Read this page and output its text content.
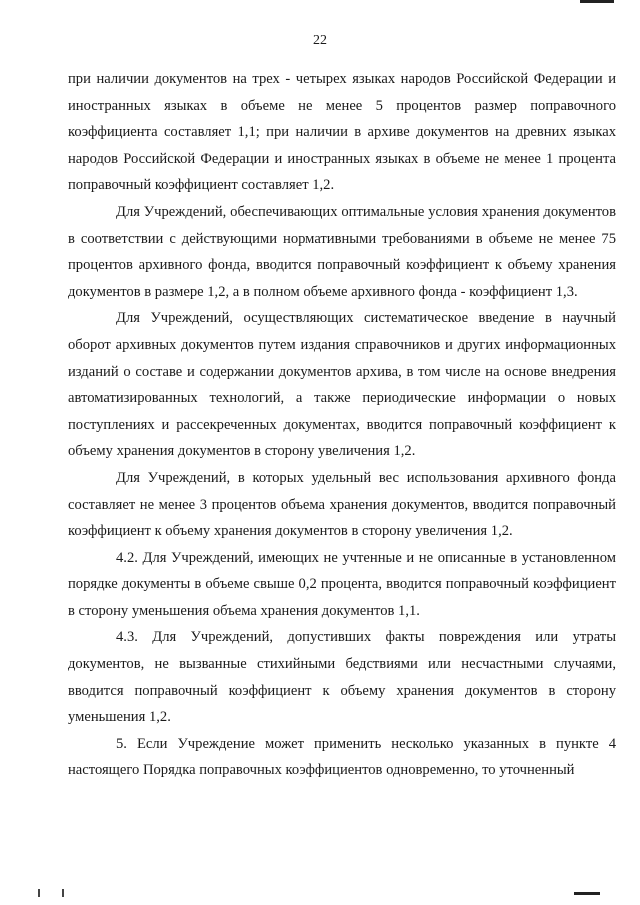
22

при наличии документов на трех - четырех языках народов Российской Федерации и иностранных языках в объеме не менее 5 процентов размер поправочного коэффициента составляет 1,1; при наличии в архиве документов на древних языках народов Российской Федерации и иностранных языках в объеме не менее 1 процента поправочный коэффициент составляет 1,2.

Для Учреждений, обеспечивающих оптимальные условия хранения документов в соответствии с действующими нормативными требованиями в объеме не менее 75 процентов архивного фонда, вводится поправочный коэффициент к объему хранения документов в размере 1,2, а в полном объеме архивного фонда - коэффициент 1,3.

Для Учреждений, осуществляющих систематическое введение в научный оборот архивных документов путем издания справочников и других информационных изданий о составе и содержании документов архива, в том числе на основе внедрения автоматизированных технологий, а также периодические информации о новых поступлениях и рассекреченных документах, вводится поправочный коэффициент к объему хранения документов в сторону увеличения 1,2.

Для Учреждений, в которых удельный вес использования архивного фонда составляет не менее 3 процентов объема хранения документов, вводится поправочный коэффициент к объему хранения документов в сторону увеличения 1,2.

4.2. Для Учреждений, имеющих не учтенные и не описанные в установленном порядке документы в объеме свыше 0,2 процента, вводится поправочный коэффициент в сторону уменьшения объема хранения документов 1,1.

4.3. Для Учреждений, допустивших факты повреждения или утраты документов, не вызванные стихийными бедствиями или несчастными случаями, вводится поправочный коэффициент к объему хранения документов в сторону уменьшения 1,2.

5. Если Учреждение может применить несколько указанных в пункте 4 настоящего Порядка поправочных коэффициентов одновременно, то уточненный
